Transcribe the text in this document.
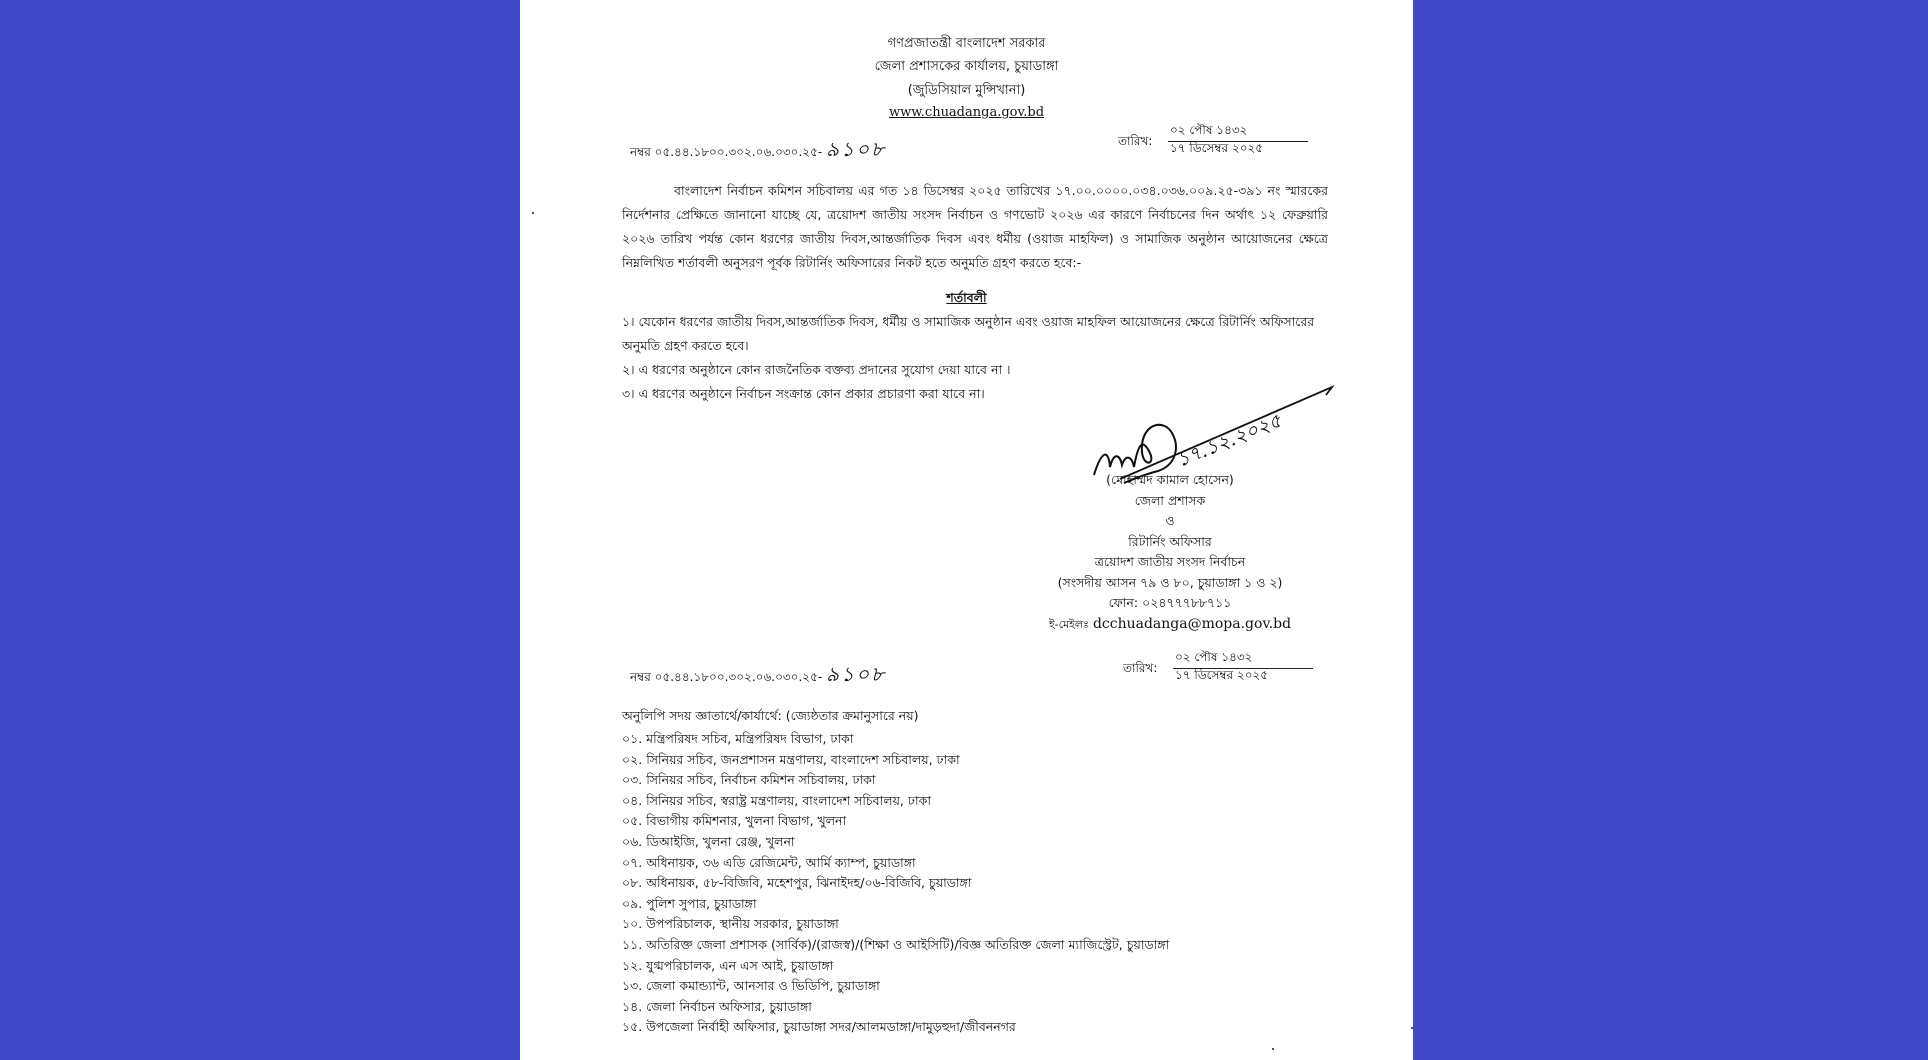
গণপ্রজাতন্ত্রী বাংলাদেশ সরকার
জেলা প্রশাসকের কার্যালয়, চুয়াডাঙ্গা
(জুডিসিয়াল মুন্সিখানা)
www.chuadanga.gov.bd
নম্বর ০৫.৪৪.১৮০০.৩০২.০৬.০৩০.২৫- ৯১০৮	তারিখ:
০২ পৌষ ১৪৩২
১৭ ডিসেম্বর ২০২৫
বাংলাদেশ নির্বাচন কমিশন সচিবালয় এর গত ১৪ ডিসেম্বর ২০২৫ তারিখের ১৭.০০.০০০০.০৩৪.০৩৬.০০৯.২৫-৩৯১ নং স্মারকের নির্দেশনার প্রেক্ষিতে জানানো যাচ্ছে যে, ত্রয়োদশ জাতীয় সংসদ নির্বাচন ও গণভোট ২০২৬ এর কারণে নির্বাচনের দিন অর্থাৎ ১২ ফেব্রুয়ারি ২০২৬ তারিখ পর্যন্ত কোন ধরণের জাতীয় দিবস,আন্তর্জাতিক দিবস এবং ধর্মীয় (ওয়াজ মাহফিল) ও সামাজিক অনুষ্ঠান আয়োজনের ক্ষেত্রে নিম্নলিখিত শর্তাবলী অনুসরণ পূর্বক রিটার্নিং অফিসারের নিকট হতে অনুমতি গ্রহণ করতে হবে:-
শর্তাবলী
১। যেকোন ধরণের জাতীয় দিবস,আন্তর্জাতিক দিবস, ধর্মীয় ও সামাজিক অনুষ্ঠান এবং ওয়াজ মাহফিল আয়োজনের ক্ষেত্রে রিটার্নিং অফিসারের অনুমতি গ্রহণ করতে হবে।
২। এ ধরণের অনুষ্ঠানে কোন রাজনৈতিক বক্তব্য প্রদানের সুযোগ দেয়া যাবে না ।
৩। এ ধরণের অনুষ্ঠানে নির্বাচন সংক্রান্ত কোন প্রকার প্রচারণা করা যাবে না।
১৭.১২.২০২৫
(মোহাম্মদ কামাল হোসেন)
জেলা প্রশাসক
ও
রিটার্নিং অফিসার
ত্রয়োদশ জাতীয় সংসদ নির্বাচন
(সংসদীয় আসন ৭৯ ও ৮০, চুয়াডাঙ্গা ১ ও ২)
ফোন: ০২৪৭৭৭৮৮৭১১
ই-মেইলঃ dcchuadanga@mopa.gov.bd
নম্বর ০৫.৪৪.১৮০০.৩০২.০৬.০৩০.২৫- ৯১০৮	তারিখ:
০২ পৌষ ১৪৩২
১৭ ডিসেম্বর ২০২৫
অনুলিপি সদয় জ্ঞাতার্থে/কার্যার্থে: (জ্যেষ্ঠতার ক্রমানুসারে নয়)
০১. মন্ত্রিপরিষদ সচিব, মন্ত্রিপরিষদ বিভাগ, ঢাকা
০২. সিনিয়র সচিব, জনপ্রশাসন মন্ত্রণালয়, বাংলাদেশ সচিবালয়, ঢাকা
০৩. সিনিয়র সচিব, নির্বাচন কমিশন সচিবালয়, ঢাকা
০৪. সিনিয়র সচিব, স্বরাষ্ট্র মন্ত্রণালয়, বাংলাদেশ সচিবালয়, ঢাকা
০৫. বিভাগীয় কমিশনার, খুলনা বিভাগ, খুলনা
০৬. ডিআইজি, খুলনা রেঞ্জ, খুলনা
০৭. অধিনায়ক, ৩৬ এডি রেজিমেন্ট, আর্মি ক্যাম্প, চুয়াডাঙ্গা
০৮. অধিনায়ক, ৫৮-বিজিবি, মহেশপুর, ঝিনাইদহ/০৬-বিজিবি, চুয়াডাঙ্গা
০৯. পুলিশ সুপার, চুয়াডাঙ্গা
১০. উপপরিচালক, স্থানীয় সরকার, চুয়াডাঙ্গা
১১. অতিরিক্ত জেলা প্রশাসক (সার্বিক)/(রাজস্ব)/(শিক্ষা ও আইসিটি)/বিজ্ঞ অতিরিক্ত জেলা ম্যাজিস্ট্রেট, চুয়াডাঙ্গা
১২. যুগ্মপরিচালক, এন এস আই, চুয়াডাঙ্গা
১৩. জেলা কমান্ড্যান্ট, আনসার ও ভিডিপি, চুয়াডাঙ্গা
১৪. জেলা নির্বাচন অফিসার, চুয়াডাঙ্গা
১৫. উপজেলা নির্বাহী অফিসার, চুয়াডাঙ্গা সদর/আলমডাঙ্গা/দামুড়হুদা/জীবননগর
